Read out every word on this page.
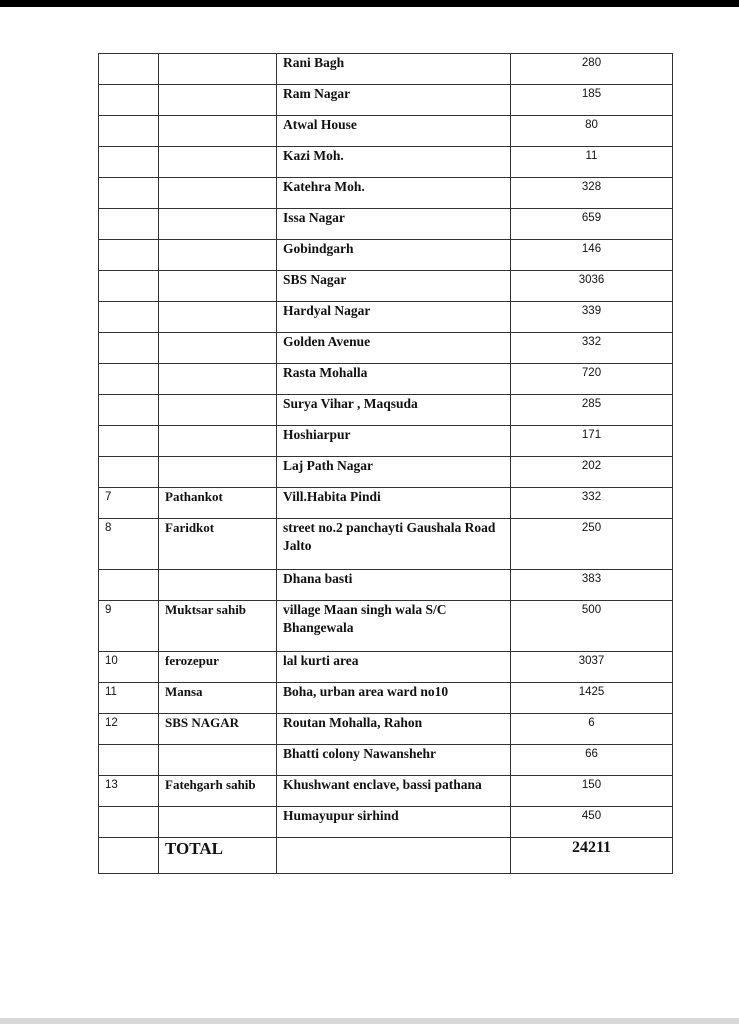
		Rani Bagh	280

		Ram Nagar	185

		Atwal House	80

		Kazi Moh.	11

		Katehra Moh.	328

		Issa Nagar	659

		Gobindgarh	146

		SBS Nagar	3036

		Hardyal Nagar	339

		Golden Avenue	332

		Rasta Mohalla	720

		Surya Vihar , Maqsuda	285

		Hoshiarpur	171

		Laj Path Nagar	202

7	Pathankot	Vill.Habita Pindi	332

8	Faridkot	street no.2 panchayti Gaushala Road Jalto	250

		Dhana basti	383

9	Muktsar sahib	village Maan singh wala S/C Bhangewala	500

10	ferozepur	lal kurti area	3037

11	Mansa	Boha, urban area ward no10	1425

12	SBS NAGAR	Routan Mohalla, Rahon	6

		Bhatti colony Nawanshehr	66

13	Fatehgarh sahib	Khushwant enclave, bassi pathana	150

		Humayupur sirhind	450

	TOTAL		24211
